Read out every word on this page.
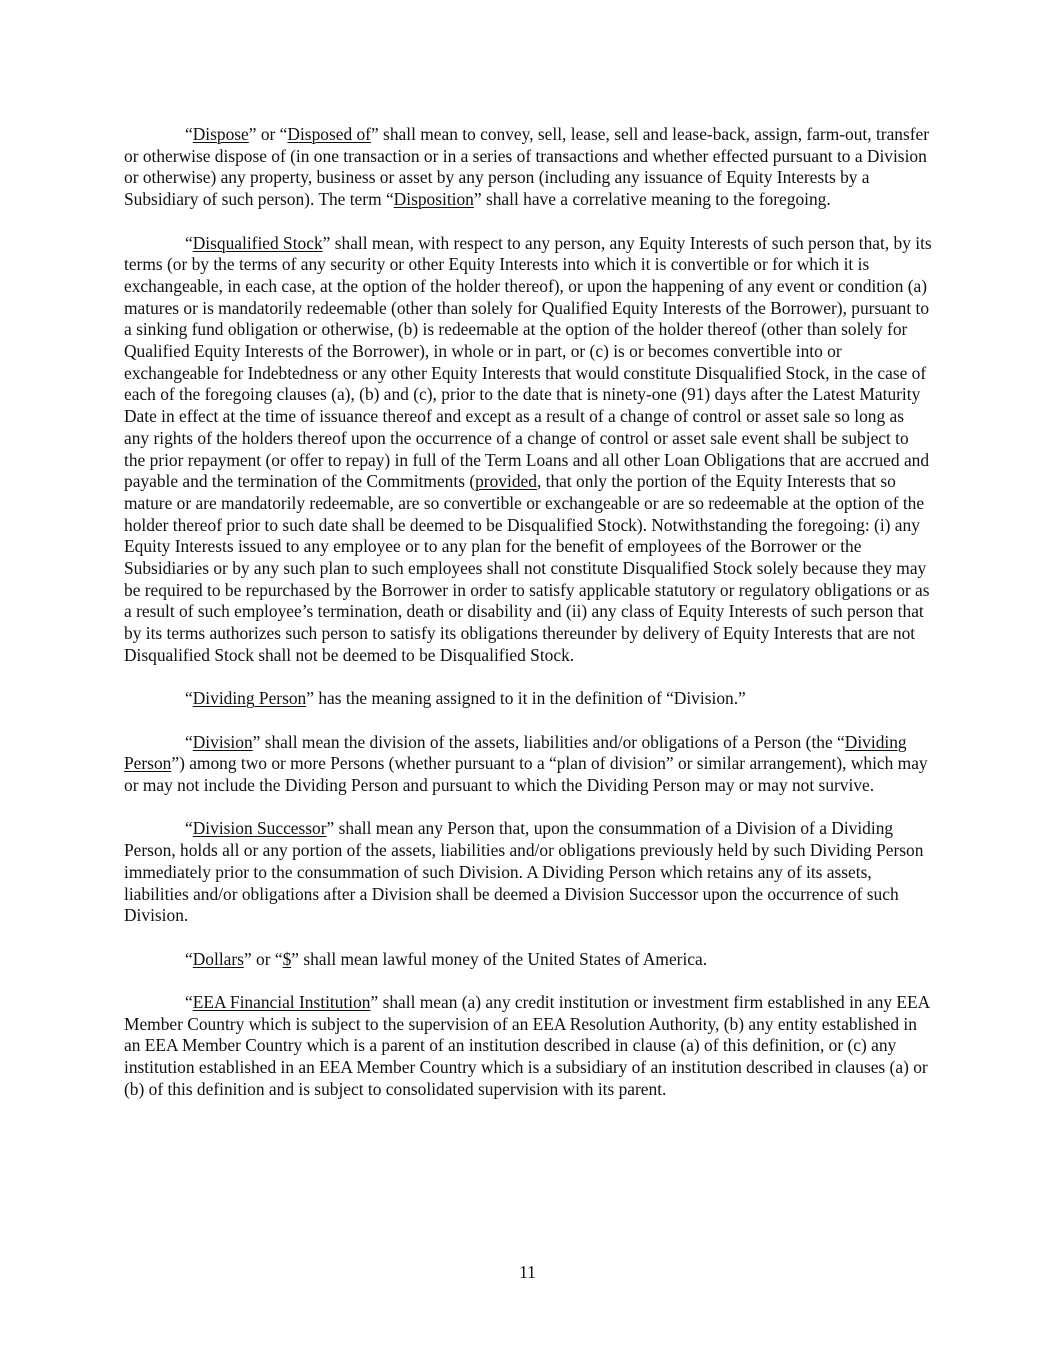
“Dispose” or “Disposed of” shall mean to convey, sell, lease, sell and lease-back, assign, farm-out, transfer or otherwise dispose of (in one transaction or in a series of transactions and whether effected pursuant to a Division or otherwise) any property, business or asset by any person (including any issuance of Equity Interests by a Subsidiary of such person). The term “Disposition” shall have a correlative meaning to the foregoing.

“Disqualified Stock” shall mean, with respect to any person, any Equity Interests of such person that, by its terms (or by the terms of any security or other Equity Interests into which it is convertible or for which it is exchangeable, in each case, at the option of the holder thereof), or upon the happening of any event or condition (a) matures or is mandatorily redeemable (other than solely for Qualified Equity Interests of the Borrower), pursuant to a sinking fund obligation or otherwise, (b) is redeemable at the option of the holder thereof (other than solely for Qualified Equity Interests of the Borrower), in whole or in part, or (c) is or becomes convertible into or exchangeable for Indebtedness or any other Equity Interests that would constitute Disqualified Stock, in the case of each of the foregoing clauses (a), (b) and (c), prior to the date that is ninety-one (91) days after the Latest Maturity Date in effect at the time of issuance thereof and except as a result of a change of control or asset sale so long as any rights of the holders thereof upon the occurrence of a change of control or asset sale event shall be subject to the prior repayment (or offer to repay) in full of the Term Loans and all other Loan Obligations that are accrued and payable and the termination of the Commitments (provided, that only the portion of the Equity Interests that so mature or are mandatorily redeemable, are so convertible or exchangeable or are so redeemable at the option of the holder thereof prior to such date shall be deemed to be Disqualified Stock). Notwithstanding the foregoing: (i) any Equity Interests issued to any employee or to any plan for the benefit of employees of the Borrower or the Subsidiaries or by any such plan to such employees shall not constitute Disqualified Stock solely because they may be required to be repurchased by the Borrower in order to satisfy applicable statutory or regulatory obligations or as a result of such employee’s termination, death or disability and (ii) any class of Equity Interests of such person that by its terms authorizes such person to satisfy its obligations thereunder by delivery of Equity Interests that are not Disqualified Stock shall not be deemed to be Disqualified Stock.

“Dividing Person” has the meaning assigned to it in the definition of “Division.”

“Division” shall mean the division of the assets, liabilities and/or obligations of a Person (the “Dividing Person”) among two or more Persons (whether pursuant to a “plan of division” or similar arrangement), which may or may not include the Dividing Person and pursuant to which the Dividing Person may or may not survive.

“Division Successor” shall mean any Person that, upon the consummation of a Division of a Dividing Person, holds all or any portion of the assets, liabilities and/or obligations previously held by such Dividing Person immediately prior to the consummation of such Division. A Dividing Person which retains any of its assets, liabilities and/or obligations after a Division shall be deemed a Division Successor upon the occurrence of such Division.

“Dollars” or “$” shall mean lawful money of the United States of America.

“EEA Financial Institution” shall mean (a) any credit institution or investment firm established in any EEA Member Country which is subject to the supervision of an EEA Resolution Authority, (b) any entity established in an EEA Member Country which is a parent of an institution described in clause (a) of this definition, or (c) any institution established in an EEA Member Country which is a subsidiary of an institution described in clauses (a) or (b) of this definition and is subject to consolidated supervision with its parent.

11
